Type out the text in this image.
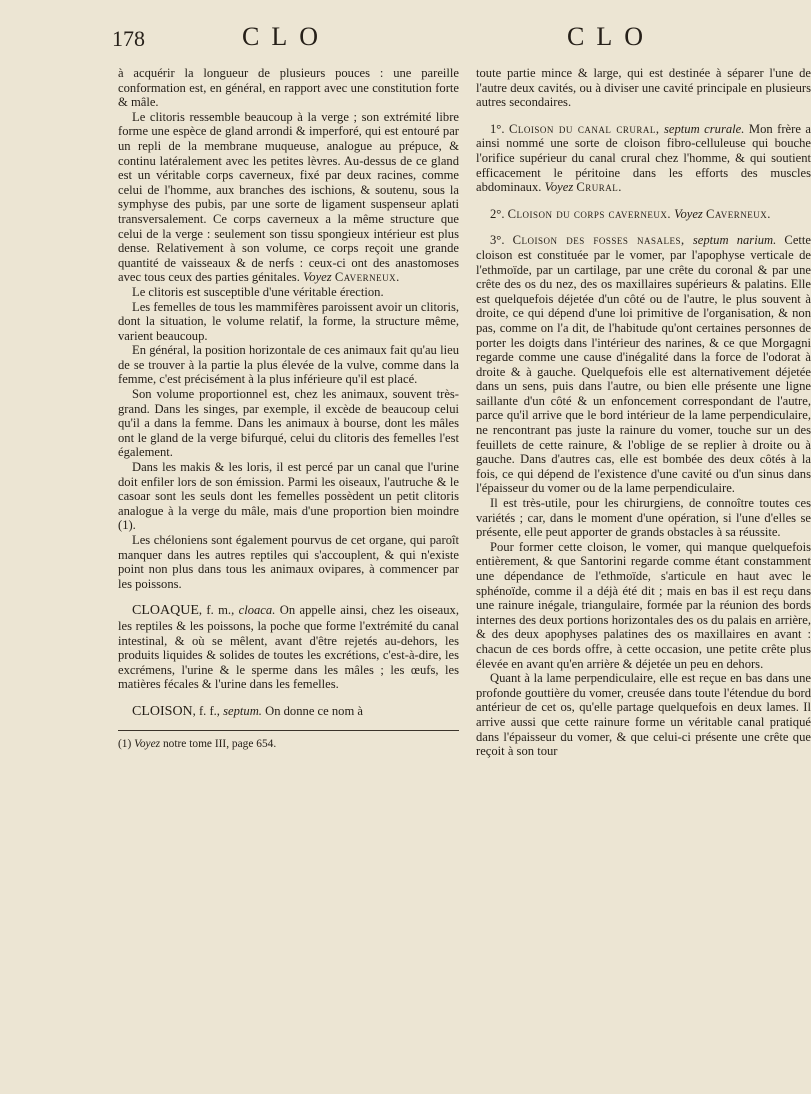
178	CLO	CLO

à acquérir la longueur de plusieurs pouces : une pareille conformation est, en général, en rapport avec une constitution forte & mâle.

Le clitoris ressemble beaucoup à la verge ; son extrémité libre forme une espèce de gland arrondi & imperforé, qui est entouré par un repli de la membrane muqueuse, analogue au prépuce, & continu latéralement avec les petites lèvres. Au-dessus de ce gland est un véritable corps caverneux, fixé par deux racines, comme celui de l'homme, aux branches des ischions, & soutenu, sous la symphyse des pubis, par une sorte de ligament suspenseur aplati transversalement. Ce corps caverneux a la même structure que celui de la verge : seulement son tissu spongieux intérieur est plus dense. Relativement à son volume, ce corps reçoit une grande quantité de vaisseaux & de nerfs : ceux-ci ont des anastomoses avec tous ceux des parties génitales. Voyez Caverneux.

Le clitoris est susceptible d'une véritable érection.

Les femelles de tous les mammifères paroissent avoir un clitoris, dont la situation, le volume relatif, la forme, la structure même, varient beaucoup.

En général, la position horizontale de ces animaux fait qu'au lieu de se trouver à la partie la plus élevée de la vulve, comme dans la femme, c'est précisément à la plus inférieure qu'il est placé.

Son volume proportionnel est, chez les animaux, souvent très-grand. Dans les singes, par exemple, il excède de beaucoup celui qu'il a dans la femme. Dans les animaux à bourse, dont les mâles ont le gland de la verge bifurqué, celui du clitoris des femelles l'est également.

Dans les makis & les loris, il est percé par un canal que l'urine doit enfiler lors de son émission. Parmi les oiseaux, l'autruche & le casoar sont les seuls dont les femelles possèdent un petit clitoris analogue à la verge du mâle, mais d'une proportion bien moindre (1).

Les chéloniens sont également pourvus de cet organe, qui paroît manquer dans les autres reptiles qui s'accouplent, & qui n'existe point non plus dans tous les animaux ovipares, à commencer par les poissons.

CLOAQUE, f. m., cloaca. On appelle ainsi, chez les oiseaux, les reptiles & les poissons, la poche que forme l'extrémité du canal intestinal, & où se mêlent, avant d'être rejetés au-dehors, les produits liquides & solides de toutes les excrétions, c'est-à-dire, les excrémens, l'urine & le sperme dans les mâles ; les œufs, les matières fécales & l'urine dans les femelles.

CLOISON, f. f., septum. On donne ce nom à

(1) Voyez notre tome III, page 654.

toute partie mince & large, qui est destinée à séparer l'une de l'autre deux cavités, ou à diviser une cavité principale en plusieurs autres secondaires.

1°. Cloison du canal crural, septum crurale. Mon frère a ainsi nommé une sorte de cloison fibro-celluleuse qui bouche l'orifice supérieur du canal crural chez l'homme, & qui soutient efficacement le péritoine dans les efforts des muscles abdominaux. Voyez Crural.

2°. Cloison du corps caverneux. Voyez Caverneux.

3°. Cloison des fosses nasales, septum narium. Cette cloison est constituée par le vomer, par l'apophyse verticale de l'ethmoïde, par un cartilage, par une crête du coronal & par une crête des os du nez, des os maxillaires supérieurs & palatins. Elle est quelquefois déjetée d'un côté ou de l'autre, le plus souvent à droite, ce qui dépend d'une loi primitive de l'organisation, & non pas, comme on l'a dit, de l'habitude qu'ont certaines personnes de porter les doigts dans l'intérieur des narines, & ce que Morgagni regarde comme une cause d'inégalité dans la force de l'odorat à droite & à gauche. Quelquefois elle est alternativement déjetée dans un sens, puis dans l'autre, ou bien elle présente une ligne saillante d'un côté & un enfoncement correspondant de l'autre, parce qu'il arrive que le bord intérieur de la lame perpendiculaire, ne rencontrant pas juste la rainure du vomer, touche sur un des feuillets de cette rainure, & l'oblige de se replier à droite ou à gauche. Dans d'autres cas, elle est bombée des deux côtés à la fois, ce qui dépend de l'existence d'une cavité ou d'un sinus dans l'épaisseur du vomer ou de la lame perpendiculaire.

Il est très-utile, pour les chirurgiens, de connoître toutes ces variétés ; car, dans le moment d'une opération, si l'une d'elles se présente, elle peut apporter de grands obstacles à sa réussite.

Pour former cette cloison, le vomer, qui manque quelquefois entièrement, & que Santorini regarde comme étant constamment une dépendance de l'ethmoïde, s'articule en haut avec le sphénoïde, comme il a déjà été dit ; mais en bas il est reçu dans une rainure inégale, triangulaire, formée par la réunion des bords internes des deux portions horizontales des os du palais en arrière, & des deux apophyses palatines des os maxillaires en avant : chacun de ces bords offre, à cette occasion, une petite crête plus élevée en avant qu'en arrière & déjetée un peu en dehors.

Quant à la lame perpendiculaire, elle est reçue en bas dans une profonde gouttière du vomer, creusée dans toute l'étendue du bord antérieur de cet os, qu'elle partage quelquefois en deux lames. Il arrive aussi que cette rainure forme un véritable canal pratiqué dans l'épaisseur du vomer, & que celui-ci présente une crête que reçoit à son tour
